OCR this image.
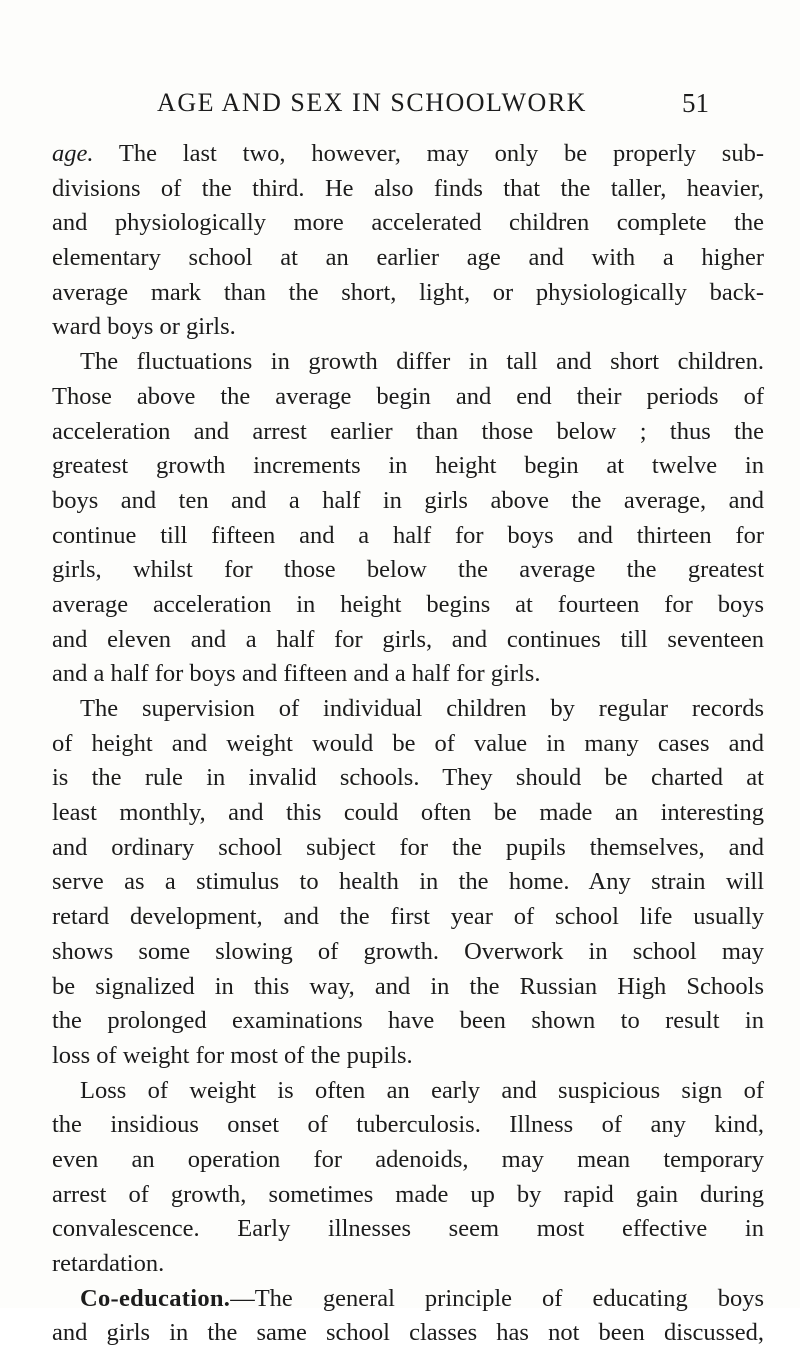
AGE AND SEX IN SCHOOLWORK	51
age. The last two, however, may only be properly sub-
divisions of the third. He also finds that the taller, heavier,
and physiologically more accelerated children complete the
elementary school at an earlier age and with a higher
average mark than the short, light, or physiologically back-
ward boys or girls.
The fluctuations in growth differ in tall and short children.
Those above the average begin and end their periods of
acceleration and arrest earlier than those below ; thus the
greatest growth increments in height begin at twelve in
boys and ten and a half in girls above the average, and
continue till fifteen and a half for boys and thirteen for
girls, whilst for those below the average the greatest
average acceleration in height begins at fourteen for boys
and eleven and a half for girls, and continues till seventeen
and a half for boys and fifteen and a half for girls.
The supervision of individual children by regular records
of height and weight would be of value in many cases and
is the rule in invalid schools. They should be charted at
least monthly, and this could often be made an interesting
and ordinary school subject for the pupils themselves, and
serve as a stimulus to health in the home. Any strain will
retard development, and the first year of school life usually
shows some slowing of growth. Overwork in school may
be signalized in this way, and in the Russian High Schools
the prolonged examinations have been shown to result in
loss of weight for most of the pupils.
Loss of weight is often an early and suspicious sign of
the insidious onset of tuberculosis. Illness of any kind,
even an operation for adenoids, may mean temporary
arrest of growth, sometimes made up by rapid gain during
convalescence. Early illnesses seem most effective in
retardation.
Co-education.—The general principle of educating boys
and girls in the same school classes has not been discussed,
